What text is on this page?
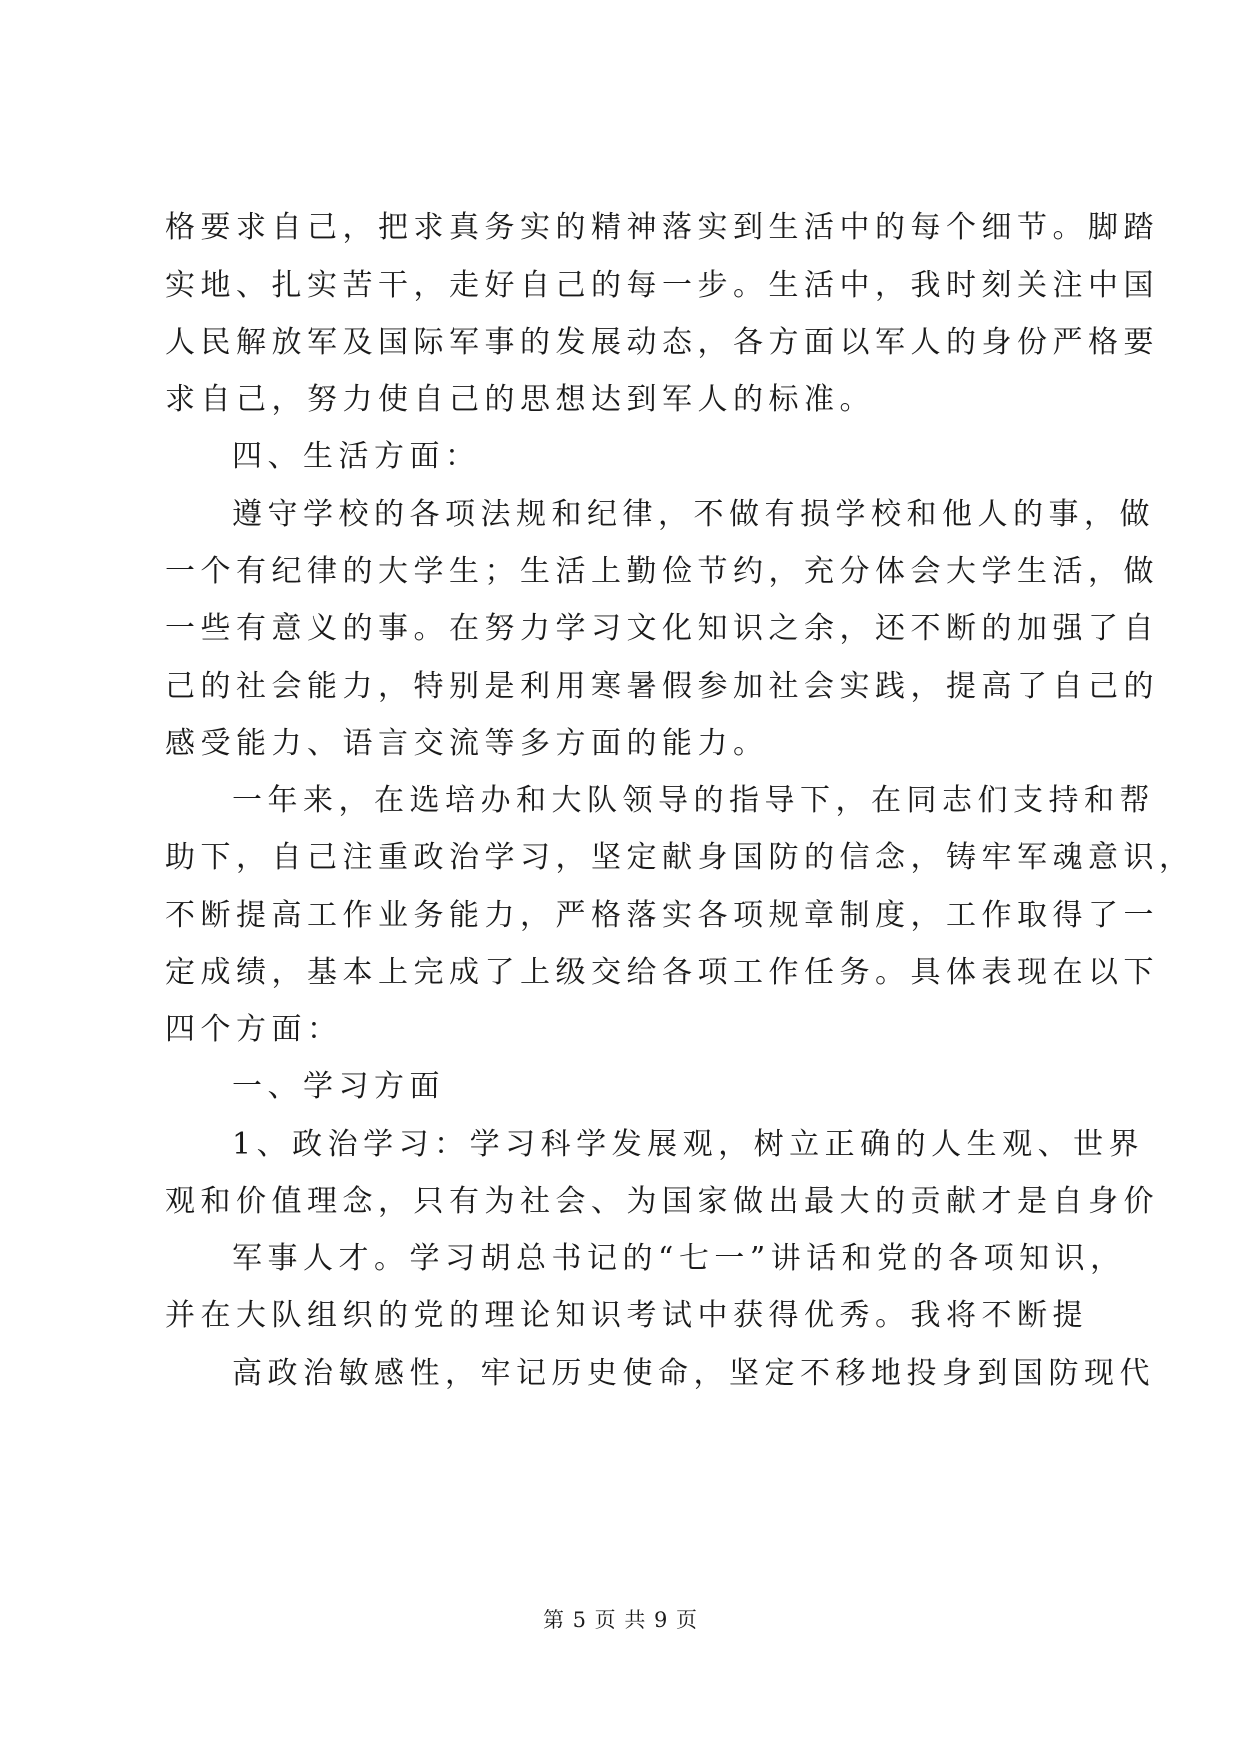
格要求自己，把求真务实的精神落实到生活中的每个细节。脚踏
实地、扎实苦干，走好自己的每一步。生活中，我时刻关注中国
人民解放军及国际军事的发展动态，各方面以军人的身份严格要
求自己，努力使自己的思想达到军人的标准。
四、生活方面：
遵守学校的各项法规和纪律，不做有损学校和他人的事，做
一个有纪律的大学生；生活上勤俭节约，充分体会大学生活，做
一些有意义的事。在努力学习文化知识之余，还不断的加强了自
己的社会能力，特别是利用寒暑假参加社会实践，提高了自己的
感受能力、语言交流等多方面的能力。
一年来，在选培办和大队领导的指导下，在同志们支持和帮
助下，自己注重政治学习，坚定献身国防的信念，铸牢军魂意识，
不断提高工作业务能力，严格落实各项规章制度，工作取得了一
定成绩，基本上完成了上级交给各项工作任务。具体表现在以下
四个方面：
一、学习方面
1、政治学习：学习科学发展观，树立正确的人生观、世界
观和价值理念，只有为社会、为国家做出最大的贡献才是自身价
军事人才。学习胡总书记的“七一”讲话和党的各项知识，
并在大队组织的党的理论知识考试中获得优秀。我将不断提
高政治敏感性，牢记历史使命，坚定不移地投身到国防现代
第 5 页 共 9 页
